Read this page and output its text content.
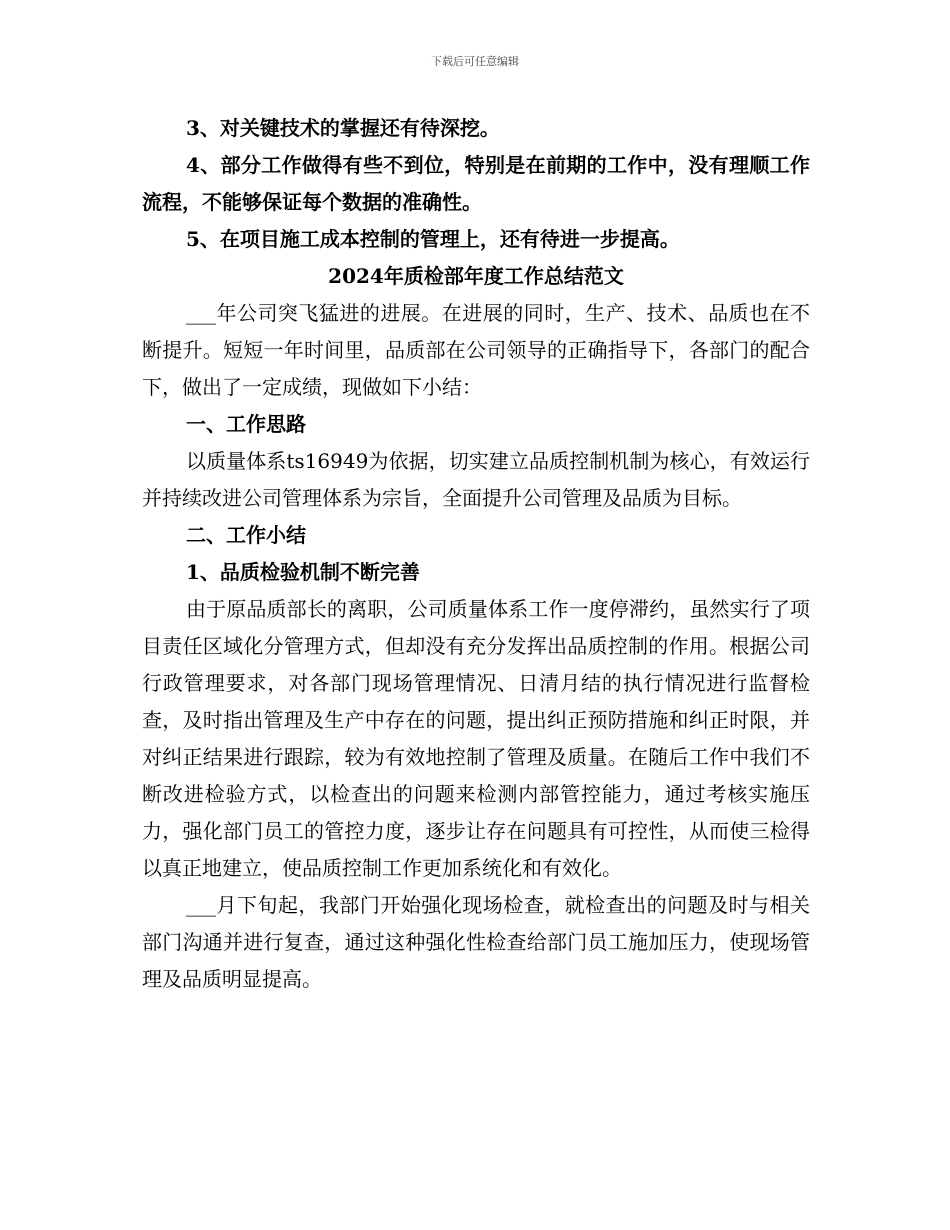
下载后可任意编辑

3、对关键技术的掌握还有待深挖。

4、部分工作做得有些不到位，特别是在前期的工作中，没有理顺工作流程，不能够保证每个数据的准确性。

5、在项目施工成本控制的管理上，还有待进一步提高。

2024年质检部年度工作总结范文

___年公司突飞猛进的进展。在进展的同时，生产、技术、品质也在不断提升。短短一年时间里，品质部在公司领导的正确指导下，各部门的配合下，做出了一定成绩，现做如下小结：

一、工作思路

以质量体系ts16949为依据，切实建立品质控制机制为核心，有效运行并持续改进公司管理体系为宗旨，全面提升公司管理及品质为目标。

二、工作小结

1、品质检验机制不断完善

由于原品质部长的离职，公司质量体系工作一度停滞约，虽然实行了项目责任区域化分管理方式，但却没有充分发挥出品质控制的作用。根据公司行政管理要求，对各部门现场管理情况、日清月结的执行情况进行监督检查，及时指出管理及生产中存在的问题，提出纠正预防措施和纠正时限，并对纠正结果进行跟踪，较为有效地控制了管理及质量。在随后工作中我们不断改进检验方式，以检查出的问题来检测内部管控能力，通过考核实施压力，强化部门员工的管控力度，逐步让存在问题具有可控性，从而使三检得以真正地建立，使品质控制工作更加系统化和有效化。

___月下旬起，我部门开始强化现场检查，就检查出的问题及时与相关部门沟通并进行复查，通过这种强化性检查给部门员工施加压力，使现场管理及品质明显提高。
